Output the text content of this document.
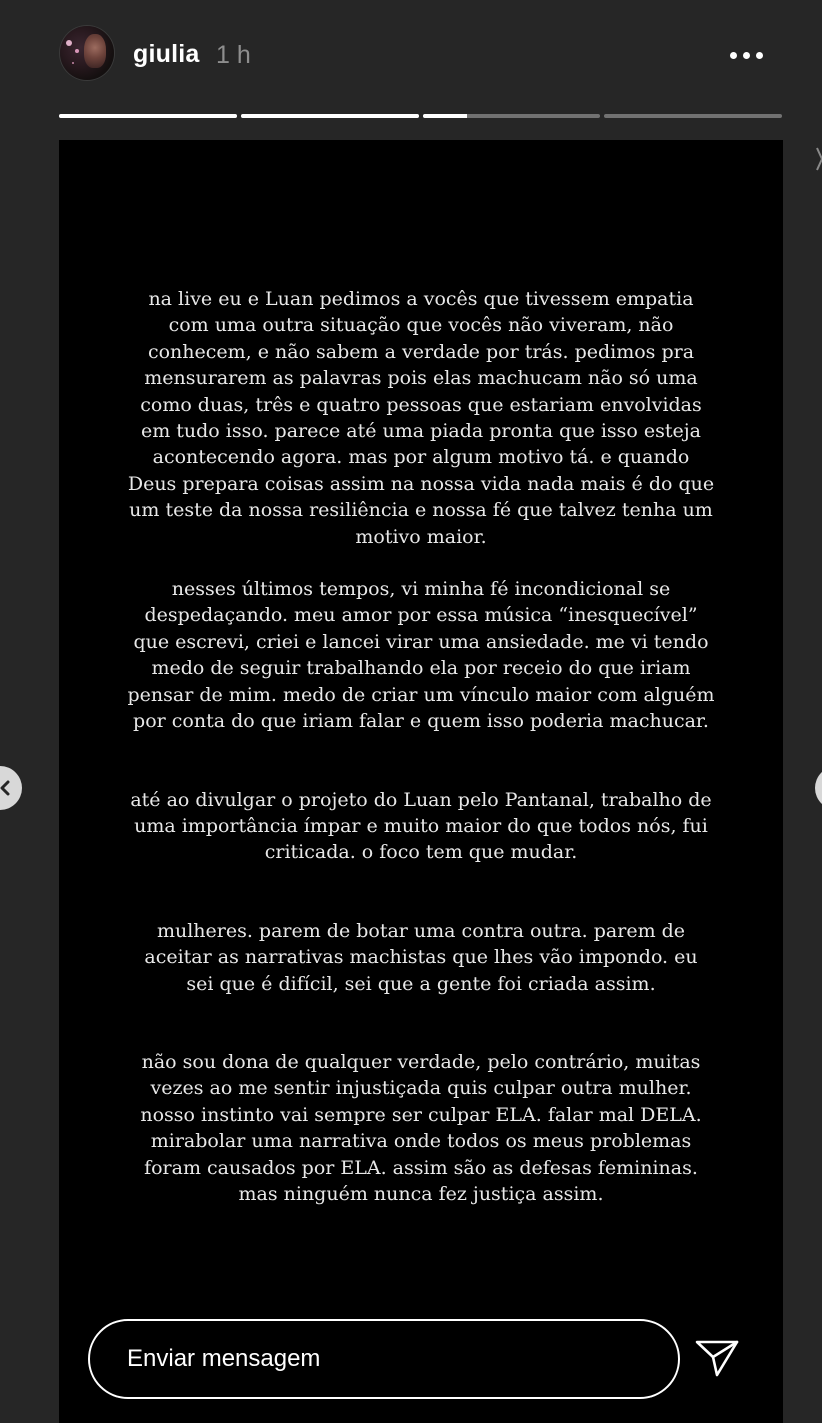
giulia 1 h

na live eu e Luan pedimos a vocês que tivessem empatia
com uma outra situação que vocês não viveram, não
conhecem, e não sabem a verdade por trás. pedimos pra
mensurarem as palavras pois elas machucam não só uma
como duas, três e quatro pessoas que estariam envolvidas
em tudo isso. parece até uma piada pronta que isso esteja
acontecendo agora. mas por algum motivo tá. e quando
Deus prepara coisas assim na nossa vida nada mais é do que
um teste da nossa resiliência e nossa fé que talvez tenha um
motivo maior.

nesses últimos tempos, vi minha fé incondicional se
despedaçando. meu amor por essa música “inesquecível”
que escrevi, criei e lancei virar uma ansiedade. me vi tendo
medo de seguir trabalhando ela por receio do que iriam
pensar de mim. medo de criar um vínculo maior com alguém
por conta do que iriam falar e quem isso poderia machucar.

até ao divulgar o projeto do Luan pelo Pantanal, trabalho de
uma importância ímpar e muito maior do que todos nós, fui
criticada. o foco tem que mudar.

mulheres. parem de botar uma contra outra. parem de
aceitar as narrativas machistas que lhes vão impondo. eu
sei que é difícil, sei que a gente foi criada assim.

não sou dona de qualquer verdade, pelo contrário, muitas
vezes ao me sentir injustiçada quis culpar outra mulher.
nosso instinto vai sempre ser culpar ELA. falar mal DELA.
mirabolar uma narrativa onde todos os meus problemas
foram causados por ELA. assim são as defesas femininas.
mas ninguém nunca fez justiça assim.

Enviar mensagem
